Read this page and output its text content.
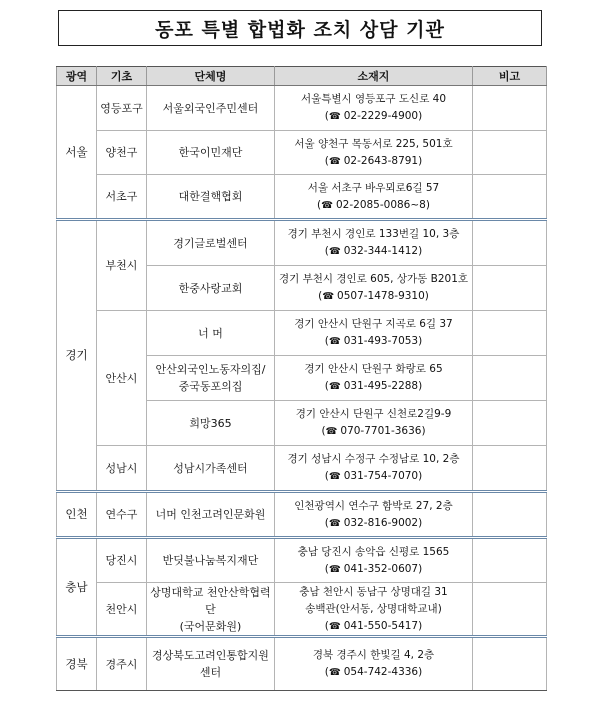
동포 특별 합법화 조치 상담 기관
광역	기초	단체명	소재지	비고
서울	영등포구	서울외국인주민센터	서울특별시 영등포구 도신로 40
(☎ 02-2229-4900)	

	양천구	한국이민재단	서울 양천구 목동서로 225, 501호
(☎ 02-2643-8791)	

	서초구	대한결핵협회	서울 서초구 바우뫼로6길 57
(☎ 02-2085-0086~8)	

경기	부천시	경기글로벌센터	경기 부천시 경인로 133번길 10, 3층
(☎ 032-344-1412)	

		한중사랑교회	경기 부천시 경인로 605, 상가동 B201호
(☎ 0507-1478-9310)	

	안산시	너 머	경기 안산시 단원구 지곡로 6길 37
(☎ 031-493-7053)	

		안산외국인노동자의집/
중국동포의집	경기 안산시 단원구 화랑로 65
(☎ 031-495-2288)	

		희망365	경기 안산시 단원구 신천로2길9-9
(☎ 070-7701-3636)	

	성남시	성남시가족센터	경기 성남시 수정구 수정남로 10, 2층
(☎ 031-754-7070)	

인천	연수구	너머 인천고려인문화원	인천광역시 연수구 함박로 27, 2층
(☎ 032-816-9002)	

충남	당진시	반딧불나눔복지재단	충남 당진시 송악읍 신평로 1565
(☎ 041-352-0607)	

	천안시	상명대학교 천안산학협력단
(국어문화원)	충남 천안시 동남구 상명대길 31
송백관(안서동, 상명대학교내)
(☎ 041-550-5417)	

경북	경주시	경상북도고려인통합지원센터	경북 경주시 한빛길 4, 2층
(☎ 054-742-4336)	
